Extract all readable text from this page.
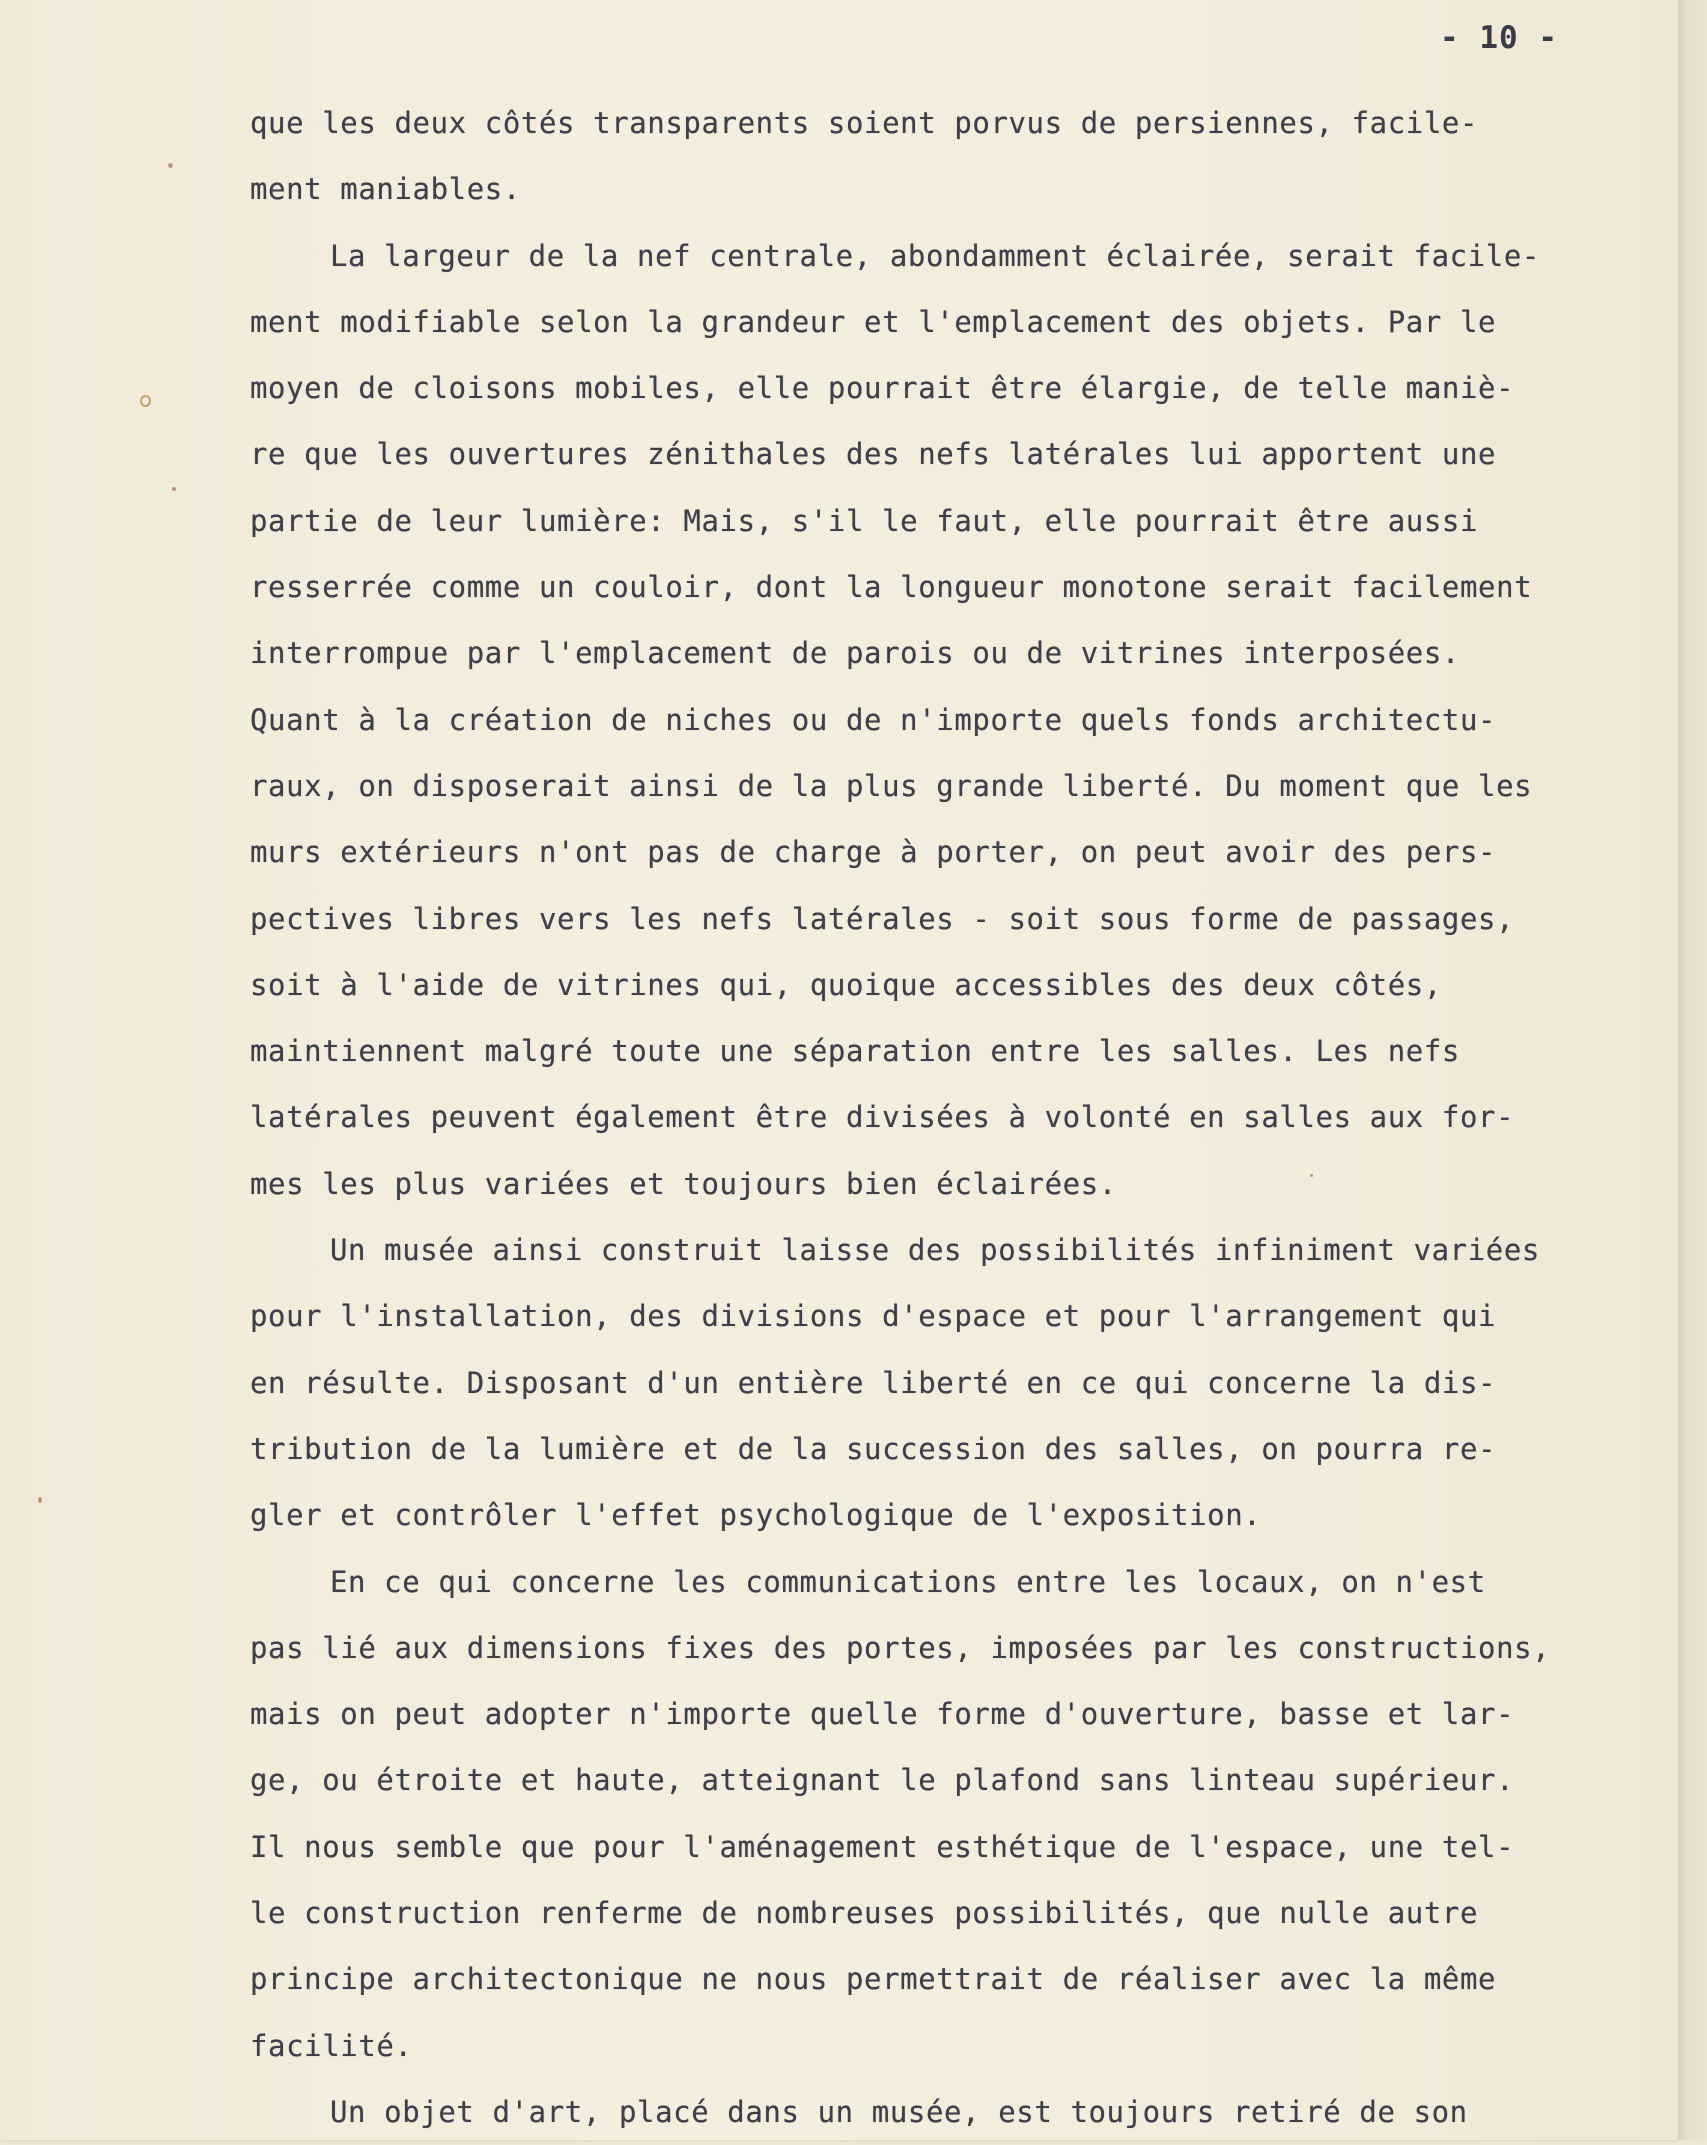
- 10 -
que les deux côtés transparents soient porvus de persiennes, facile-
ment maniables.
La largeur de la nef centrale, abondamment éclairée, serait facile-
ment modifiable selon la grandeur et l'emplacement des objets. Par le
moyen de cloisons mobiles, elle pourrait être élargie, de telle maniè-
re que les ouvertures zénithales des nefs latérales lui apportent une
partie de leur lumière: Mais, s'il le faut, elle pourrait être aussi
resserrée comme un couloir, dont la longueur monotone serait facilement
interrompue par l'emplacement de parois ou de vitrines interposées.
Quant à la création de niches ou de n'importe quels fonds architectu-
raux, on disposerait ainsi de la plus grande liberté. Du moment que les
murs extérieurs n'ont pas de charge à porter, on peut avoir des pers-
pectives libres vers les nefs latérales - soit sous forme de passages,
soit à l'aide de vitrines qui, quoique accessibles des deux côtés,
maintiennent malgré toute une séparation entre les salles. Les nefs
latérales peuvent également être divisées à volonté en salles aux for-
mes les plus variées et toujours bien éclairées.
Un musée ainsi construit laisse des possibilités infiniment variées
pour l'installation, des divisions d'espace et pour l'arrangement qui
en résulte. Disposant d'un entière liberté en ce qui concerne la dis-
tribution de la lumière et de la succession des salles, on pourra re-
gler et contrôler l'effet psychologique de l'exposition.
En ce qui concerne les communications entre les locaux, on n'est
pas lié aux dimensions fixes des portes, imposées par les constructions,
mais on peut adopter n'importe quelle forme d'ouverture, basse et lar-
ge, ou étroite et haute, atteignant le plafond sans linteau supérieur.
Il nous semble que pour l'aménagement esthétique de l'espace, une tel-
le construction renferme de nombreuses possibilités, que nulle autre
principe architectonique ne nous permettrait de réaliser avec la même
facilité.
Un objet d'art, placé dans un musée, est toujours retiré de son
